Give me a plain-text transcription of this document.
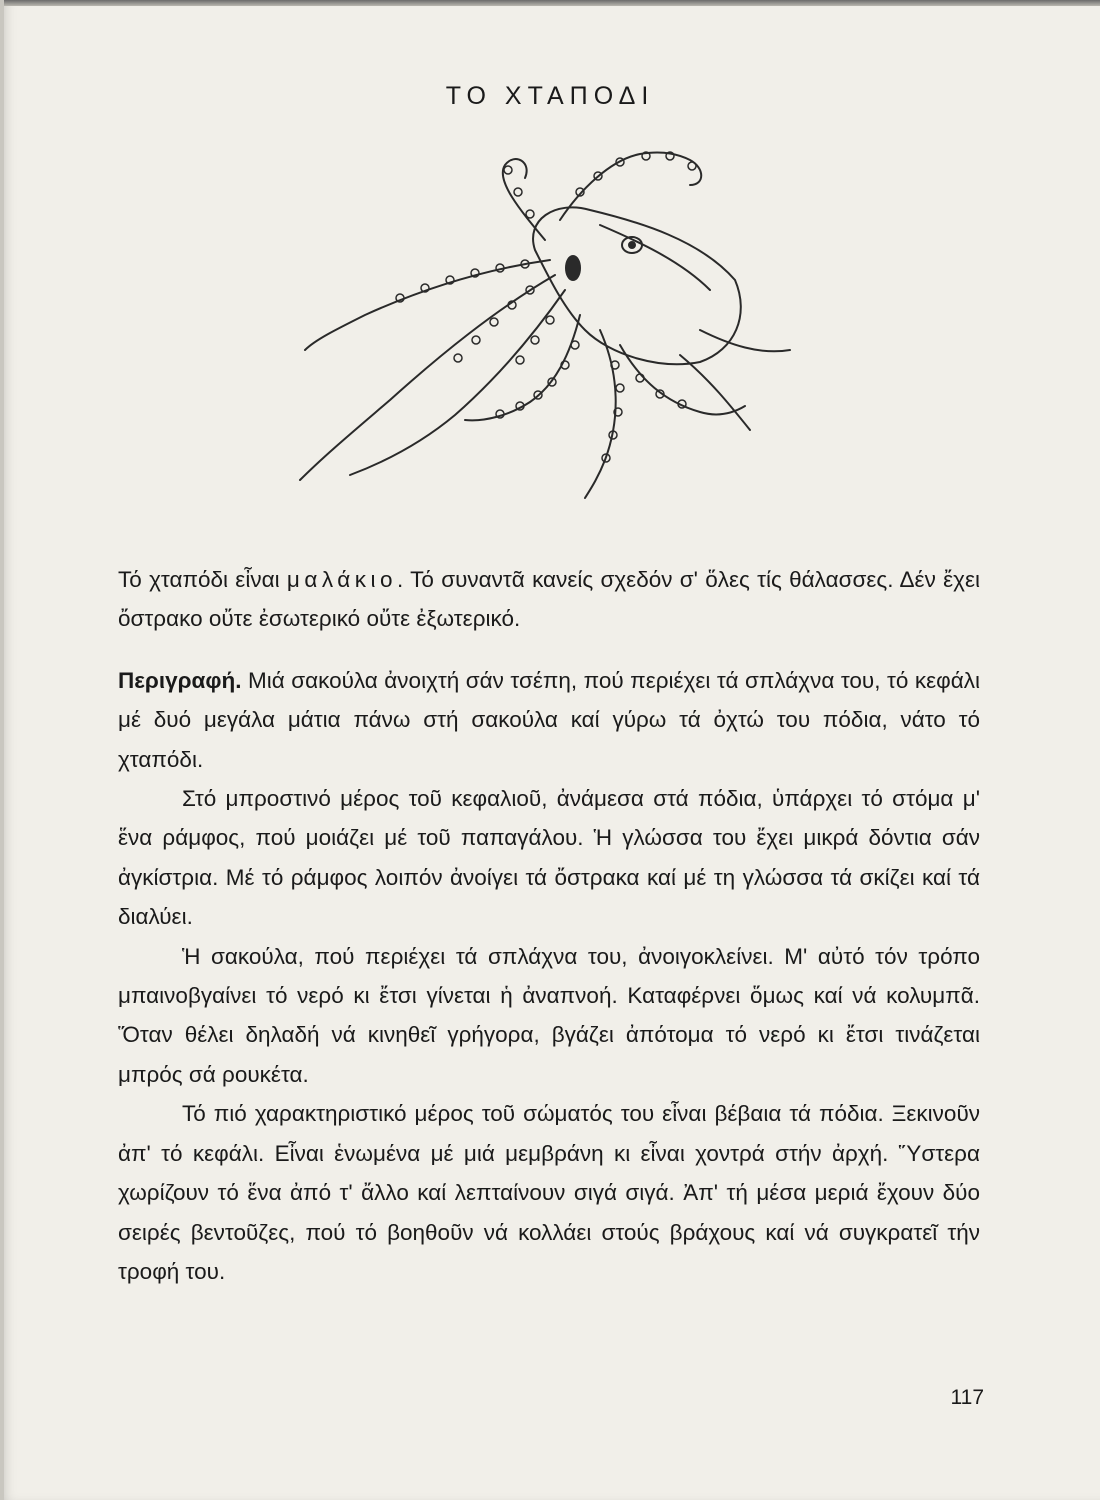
ΤΟ ΧΤΑΠΟΔΙ

Τό χταπόδι εἶναι μαλάκιο. Τό συναντᾶ κανείς σχεδόν σ' ὅλες τίς θάλασσες. Δέν ἔχει ὄστρακο οὔτε ἐσωτερικό οὔτε ἐξωτερικό.

Περιγραφή. Μιά σακούλα ἀνοιχτή σάν τσέπη, πού περιέχει τά σπλάχνα του, τό κεφάλι μέ δυό μεγάλα μάτια πάνω στή σακούλα καί γύρω τά ὀχτώ του πόδια, νάτο τό χταπόδι.

Στό μπροστινό μέρος τοῦ κεφαλιοῦ, ἀνάμεσα στά πόδια, ὑπάρχει τό στόμα μ' ἕνα ράμφος, πού μοιάζει μέ τοῦ παπαγάλου. Ἡ γλώσσα του ἔχει μικρά δόντια σάν ἀγκίστρια. Μέ τό ράμφος λοιπόν ἀνοίγει τά ὄστρακα καί μέ τη γλώσσα τά σκίζει καί τά διαλύει.

Ἡ σακούλα, πού περιέχει τά σπλάχνα του, ἀνοιγοκλείνει. Μ' αὐτό τόν τρόπο μπαινοβγαίνει τό νερό κι ἔτσι γίνεται ἡ ἀναπνοή. Καταφέρνει ὅμως καί νά κολυμπᾶ. Ὅταν θέλει δηλαδή νά κινηθεῖ γρήγορα, βγάζει ἀπότομα τό νερό κι ἔτσι τινάζεται μπρός σά ρουκέτα.

Τό πιό χαρακτηριστικό μέρος τοῦ σώματός του εἶναι βέβαια τά πόδια. Ξεκινοῦν ἀπ' τό κεφάλι. Εἶναι ἑνωμένα μέ μιά μεμβράνη κι εἶναι χοντρά στήν ἀρχή. Ὕστερα χωρίζουν τό ἕνα ἀπό τ' ἄλλο καί λεπταίνουν σιγά σιγά. Ἀπ' τή μέσα μεριά ἔχουν δύο σειρές βεντοῦζες, πού τό βοηθοῦν νά κολλάει στούς βράχους καί νά συγκρατεῖ τήν τροφή του.

117
